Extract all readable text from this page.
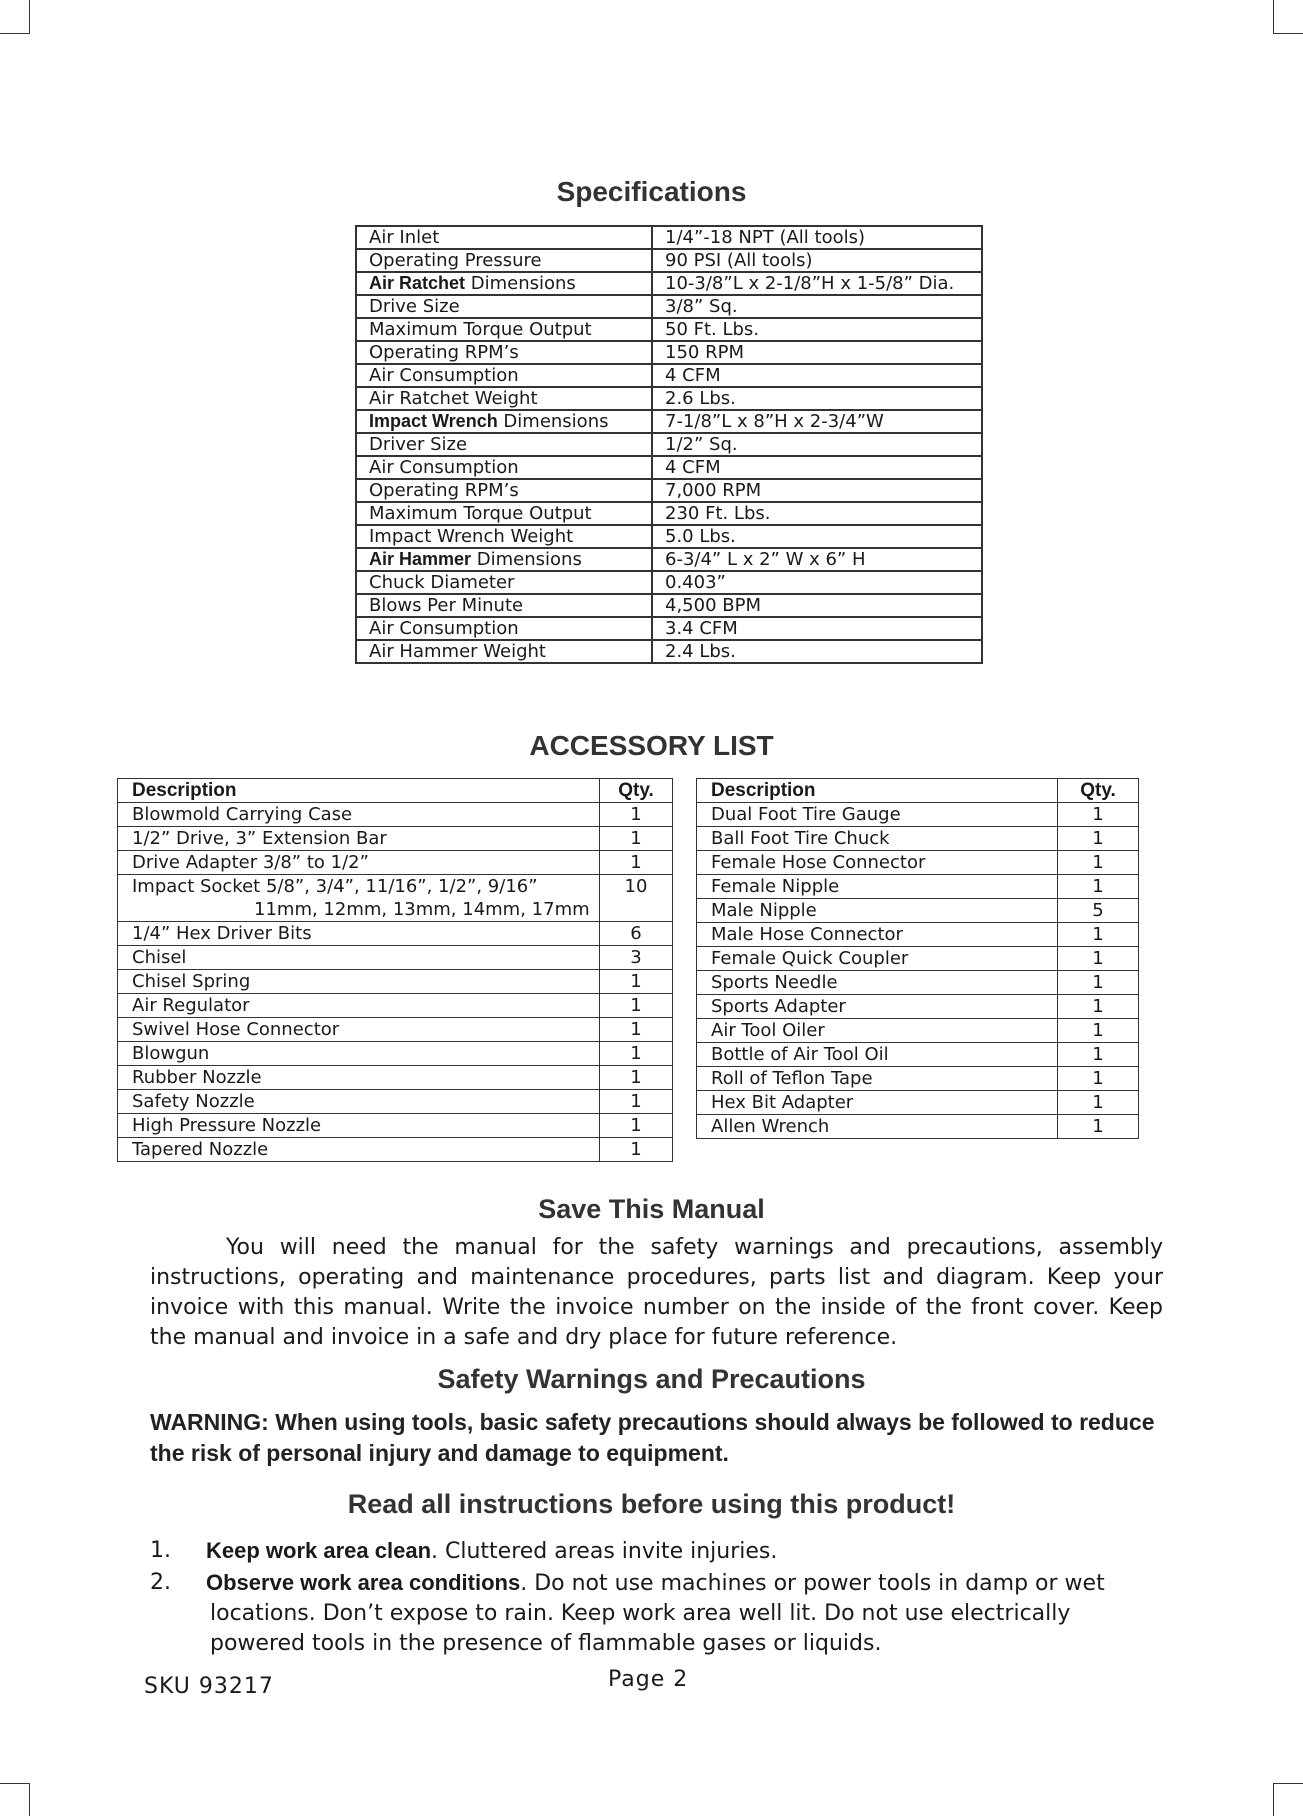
Specifications
Air Inlet	1/4”-18 NPT (All tools)
Operating Pressure	90 PSI (All tools)
Air Ratchet Dimensions	10-3/8”L x 2-1/8”H x 1-5/8” Dia.
Drive Size	3/8” Sq.
Maximum Torque Output	50 Ft. Lbs.
Operating RPM’s	150 RPM
Air Consumption	4 CFM
Air Ratchet Weight	2.6 Lbs.
Impact Wrench Dimensions	7-1/8”L x 8”H x 2-3/4”W
Driver Size	1/2” Sq.
Air Consumption	4 CFM
Operating RPM’s	7,000 RPM
Maximum Torque Output	230 Ft. Lbs.
Impact Wrench Weight	5.0 Lbs.
Air Hammer Dimensions	6-3/4” L x 2” W x 6” H
Chuck Diameter	0.403”
Blows Per Minute	4,500 BPM
Air Consumption	3.4 CFM
Air Hammer Weight	2.4 Lbs.
ACCESSORY LIST
Description	Qty.
Blowmold Carrying Case	1
1/2” Drive, 3” Extension Bar	1
Drive Adapter 3/8” to 1/2”	1
Impact Socket 5/8”, 3/4”, 11/16”, 1/2”, 9/16”
11mm, 12mm, 13mm, 14mm, 17mm	10
1/4” Hex Driver Bits	6
Chisel	3
Chisel Spring	1
Air Regulator	1
Swivel Hose Connector	1
Blowgun	1
Rubber Nozzle	1
Safety Nozzle	1
High Pressure Nozzle	1
Tapered Nozzle	1
Description	Qty.
Dual Foot Tire Gauge	1
Ball Foot Tire Chuck	1
Female Hose Connector	1
Female Nipple	1
Male Nipple	5
Male Hose Connector	1
Female Quick Coupler	1
Sports Needle	1
Sports Adapter	1
Air Tool Oiler	1
Bottle of Air Tool Oil	1
Roll of Teflon Tape	1
Hex Bit Adapter	1
Allen Wrench	1
Save This Manual
You will need the manual for the safety warnings and precautions, assembly instructions, operating and maintenance procedures, parts list and diagram. Keep your invoice with this manual. Write the invoice number on the inside of the front cover. Keep the manual and invoice in a safe and dry place for future reference.
Safety Warnings and Precautions
WARNING: When using tools, basic safety precautions should always be followed to reduce the risk of personal injury and damage to equipment.
Read all instructions before using this product!
1. Keep work area clean. Cluttered areas invite injuries.
2. Observe work area conditions. Do not use machines or power tools in damp or wet
locations. Don’t expose to rain. Keep work area well lit. Do not use electrically powered tools in the presence of flammable gases or liquids.
SKU 93217	Page 2
